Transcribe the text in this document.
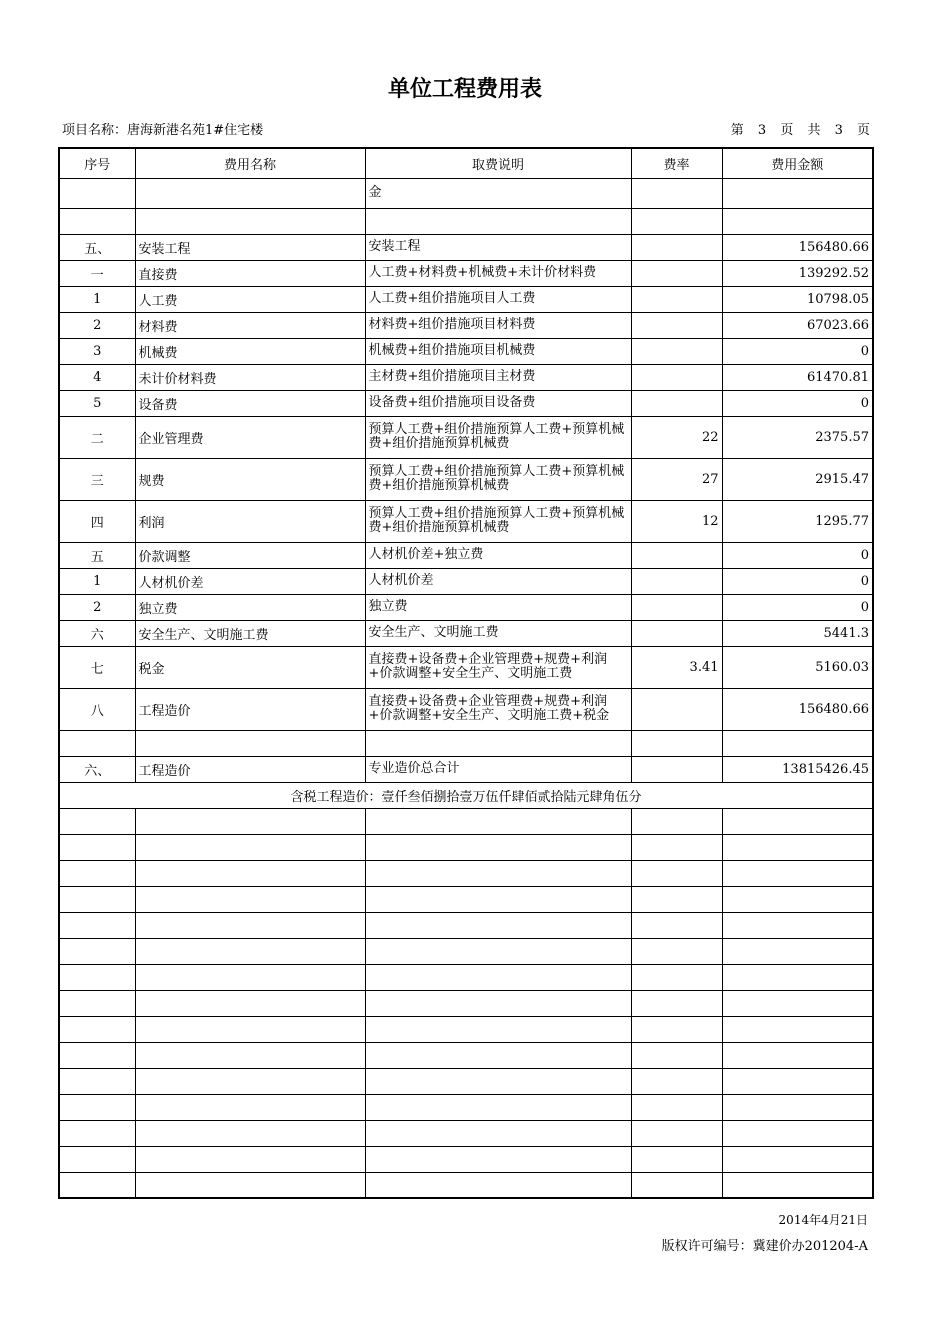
单位工程费用表
项目名称：唐海新港名苑1#住宅楼	第 3 页 共 3 页
序号	费用名称	取费说明	费率	费用金额
		金		

五、	安装工程	安装工程		156480.66
一	直接费	人工费+材料费+机械费+未计价材料费		139292.52
1	人工费	人工费+组价措施项目人工费		10798.05
2	材料费	材料费+组价措施项目材料费		67023.66
3	机械费	机械费+组价措施项目机械费		0
4	未计价材料费	主材费+组价措施项目主材费		61470.81
5	设备费	设备费+组价措施项目设备费		0
二	企业管理费	预算人工费+组价措施预算人工费+预算机械费+组价措施预算机械费	22	2375.57
三	规费	预算人工费+组价措施预算人工费+预算机械费+组价措施预算机械费	27	2915.47
四	利润	预算人工费+组价措施预算人工费+预算机械费+组价措施预算机械费	12	1295.77
五	价款调整	人材机价差+独立费		0
1	人材机价差	人材机价差		0
2	独立费	独立费		0
六	安全生产、文明施工费	安全生产、文明施工费		5441.3
七	税金	直接费+设备费+企业管理费+规费+利润+价款调整+安全生产、文明施工费	3.41	5160.03
八	工程造价	直接费+设备费+企业管理费+规费+利润+价款调整+安全生产、文明施工费+税金		156480.66

六、	工程造价	专业造价总合计		13815426.45
含税工程造价：壹仟叁佰捌拾壹万伍仟肆佰贰拾陆元肆角伍分				

2014年4月21日
版权许可编号：冀建价办201204-A
